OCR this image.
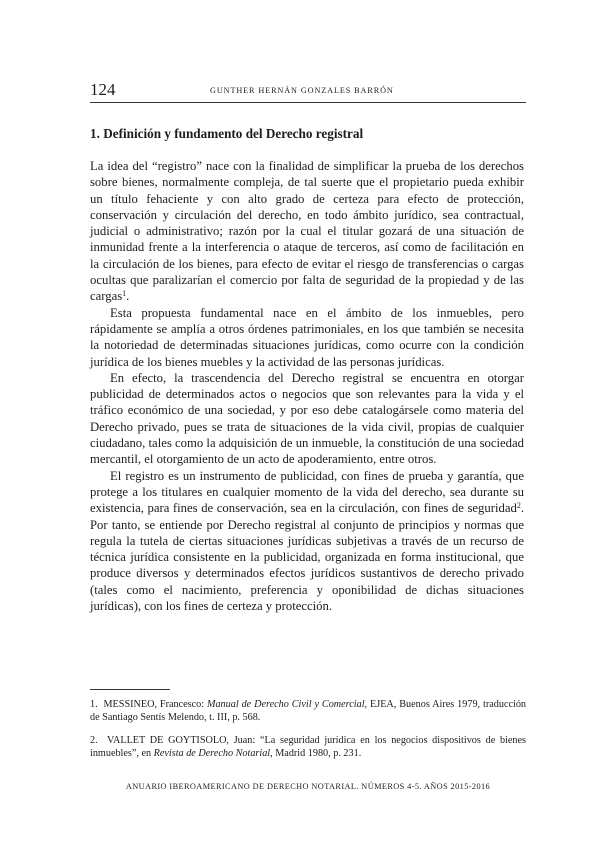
124	GUNTHER HERNÁN GONZALES BARRÓN
1. Definición y fundamento del Derecho registral

La idea del “registro” nace con la finalidad de simplificar la prueba de los derechos sobre bienes, normalmente compleja, de tal suerte que el propietario pueda exhibir un título fehaciente y con alto grado de certeza para efecto de protección, conservación y circulación del derecho, en todo ámbito jurídico, sea contractual, judicial o administrativo; razón por la cual el titular gozará de una situación de inmunidad frente a la interferencia o ataque de terceros, así como de facilitación en la circulación de los bienes, para efecto de evitar el riesgo de transferencias o cargas ocultas que paralizarían el comercio por falta de seguridad de la propiedad y de las cargas$^1$.

Esta propuesta fundamental nace en el ámbito de los inmuebles, pero rápidamente se amplía a otros órdenes patrimoniales, en los que también se necesita la notoriedad de determinadas situaciones jurídicas, como ocurre con la condición jurídica de los bienes muebles y la actividad de las personas jurídicas.

En efecto, la trascendencia del Derecho registral se encuentra en otorgar publicidad de determinados actos o negocios que son relevantes para la vida y el tráfico económico de una sociedad, y por eso debe catalogársele como materia del Derecho privado, pues se trata de situaciones de la vida civil, propias de cualquier ciudadano, tales como la adquisición de un inmueble, la constitución de una sociedad mercantil, el otorgamiento de un acto de apoderamiento, entre otros.

El registro es un instrumento de publicidad, con fines de prueba y garantía, que protege a los titulares en cualquier momento de la vida del derecho, sea durante su existencia, para fines de conservación, sea en la circulación, con fines de seguridad$^2$. Por tanto, se entiende por Derecho registral al conjunto de principios y normas que regula la tutela de ciertas situaciones jurídicas subjetivas a través de un recurso de técnica jurídica consistente en la publicidad, organizada en forma institucional, que produce diversos y determinados efectos jurídicos sustantivos de derecho privado (tales como el nacimiento, preferencia y oponibilidad de dichas situaciones jurídicas), con los fines de certeza y protección.

1. MESSINEO, Francesco: Manual de Derecho Civil y Comercial, EJEA, Buenos Aires 1979, traducción de Santiago Sentís Melendo, t. III, p. 568.

2. VALLET DE GOYTISOLO, Juan: “La seguridad jurídica en los negocios dispositivos de bienes inmuebles”, en Revista de Derecho Notarial, Madrid 1980, p. 231.

ANUARIO IBEROAMERICANO DE DERECHO NOTARIAL. NÚMEROS 4-5. AÑOS 2015-2016
